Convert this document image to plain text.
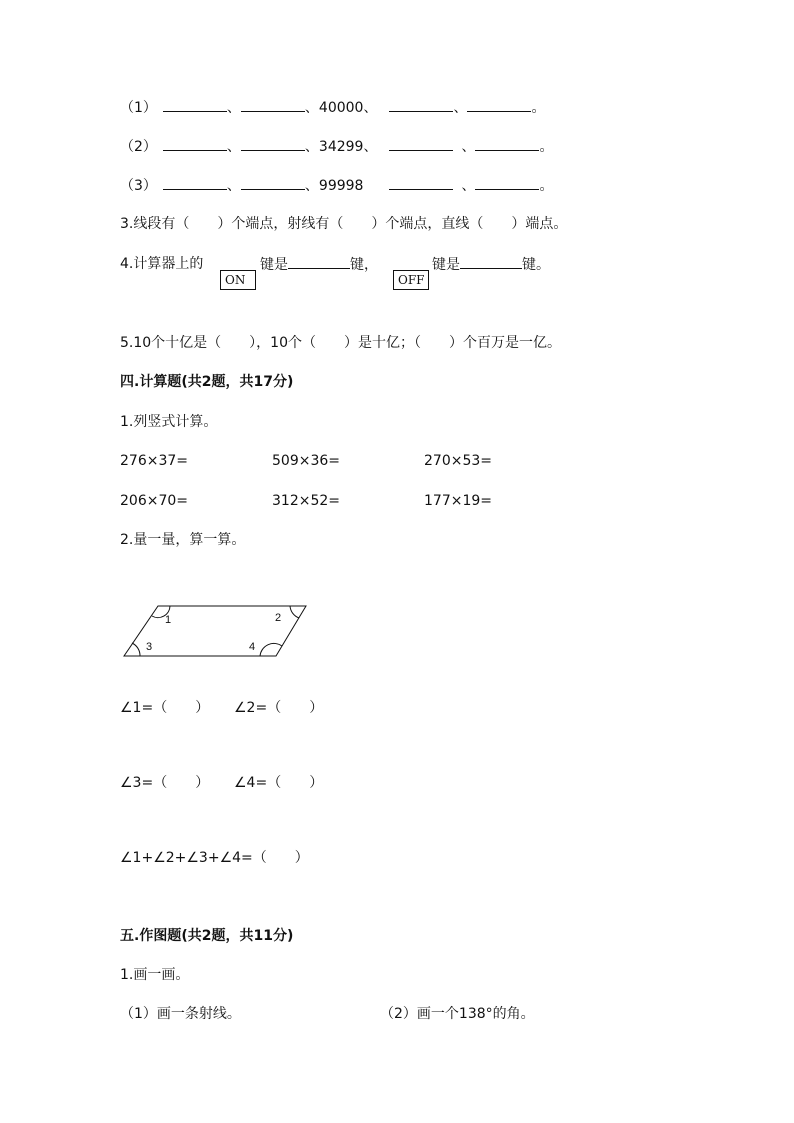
（1）	、	、40000、	、	。
（2）	、	、34299、	、	。
（3）	、	、99998	、	。
3.线段有（　　）个端点，射线有（　　）个端点，直线（　　）端点。
4.计算器上的
ON
键是	键，
OFF
键是	键。
5.10个十亿是（　　），10个（　　）是十亿；（　　）个百万是一亿。
四.计算题(共2题，共17分)
1.列竖式计算。
276×37=	509×36=	270×53=
206×70=	312×52=	177×19=
2.量一量，算一算。
1	2
3	4
∠1=（　　） ∠2=（　　）
∠3=（　　） ∠4=（　　）
∠1+∠2+∠3+∠4=（　　）
五.作图题(共2题，共11分)
1.画一画。
（1）画一条射线。	（2）画一个138°的角。
